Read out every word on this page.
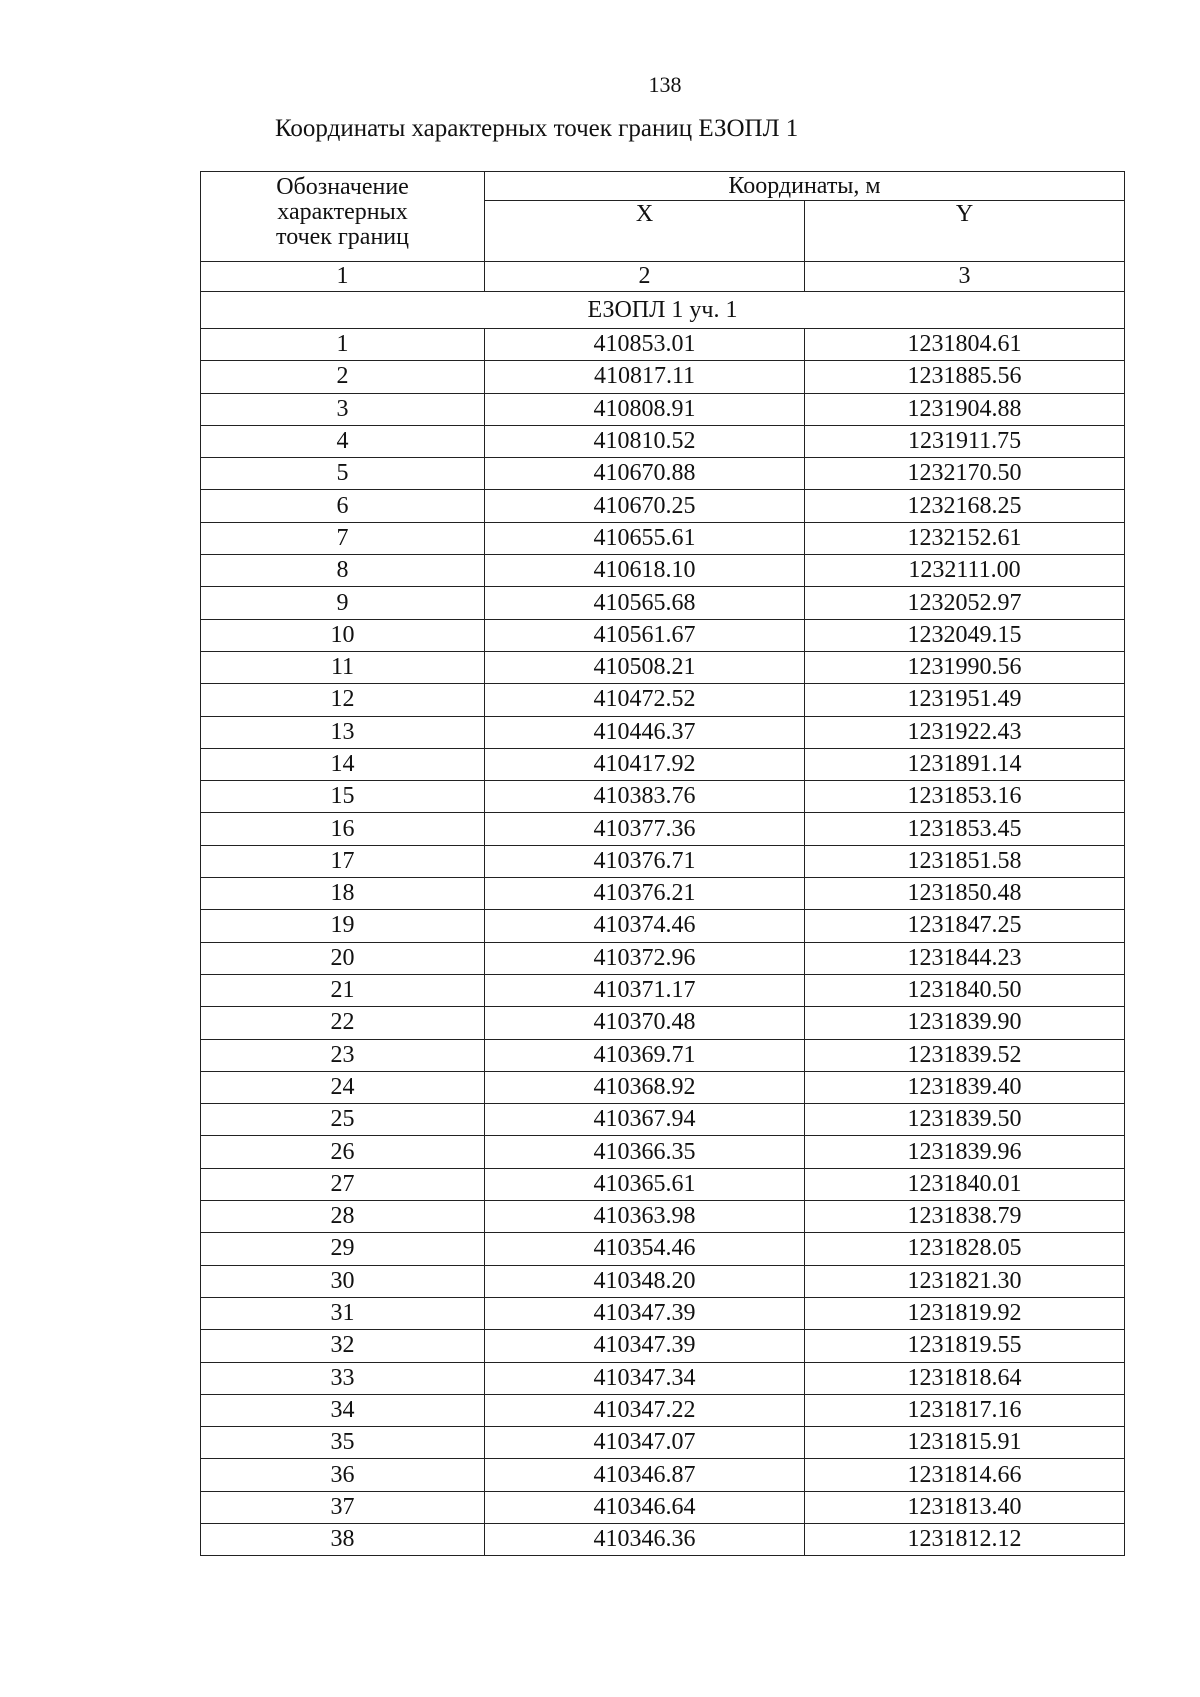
138
Координаты характерных точек границ ЕЗОПЛ 1
Обозначение
характерных
точек границ	Координаты, м	
	X	Y
1	2	3
ЕЗОПЛ 1 уч. 1		
1	410853.01	1231804.61
2	410817.11	1231885.56
3	410808.91	1231904.88
4	410810.52	1231911.75
5	410670.88	1232170.50
6	410670.25	1232168.25
7	410655.61	1232152.61
8	410618.10	1232111.00
9	410565.68	1232052.97
10	410561.67	1232049.15
11	410508.21	1231990.56
12	410472.52	1231951.49
13	410446.37	1231922.43
14	410417.92	1231891.14
15	410383.76	1231853.16
16	410377.36	1231853.45
17	410376.71	1231851.58
18	410376.21	1231850.48
19	410374.46	1231847.25
20	410372.96	1231844.23
21	410371.17	1231840.50
22	410370.48	1231839.90
23	410369.71	1231839.52
24	410368.92	1231839.40
25	410367.94	1231839.50
26	410366.35	1231839.96
27	410365.61	1231840.01
28	410363.98	1231838.79
29	410354.46	1231828.05
30	410348.20	1231821.30
31	410347.39	1231819.92
32	410347.39	1231819.55
33	410347.34	1231818.64
34	410347.22	1231817.16
35	410347.07	1231815.91
36	410346.87	1231814.66
37	410346.64	1231813.40
38	410346.36	1231812.12
